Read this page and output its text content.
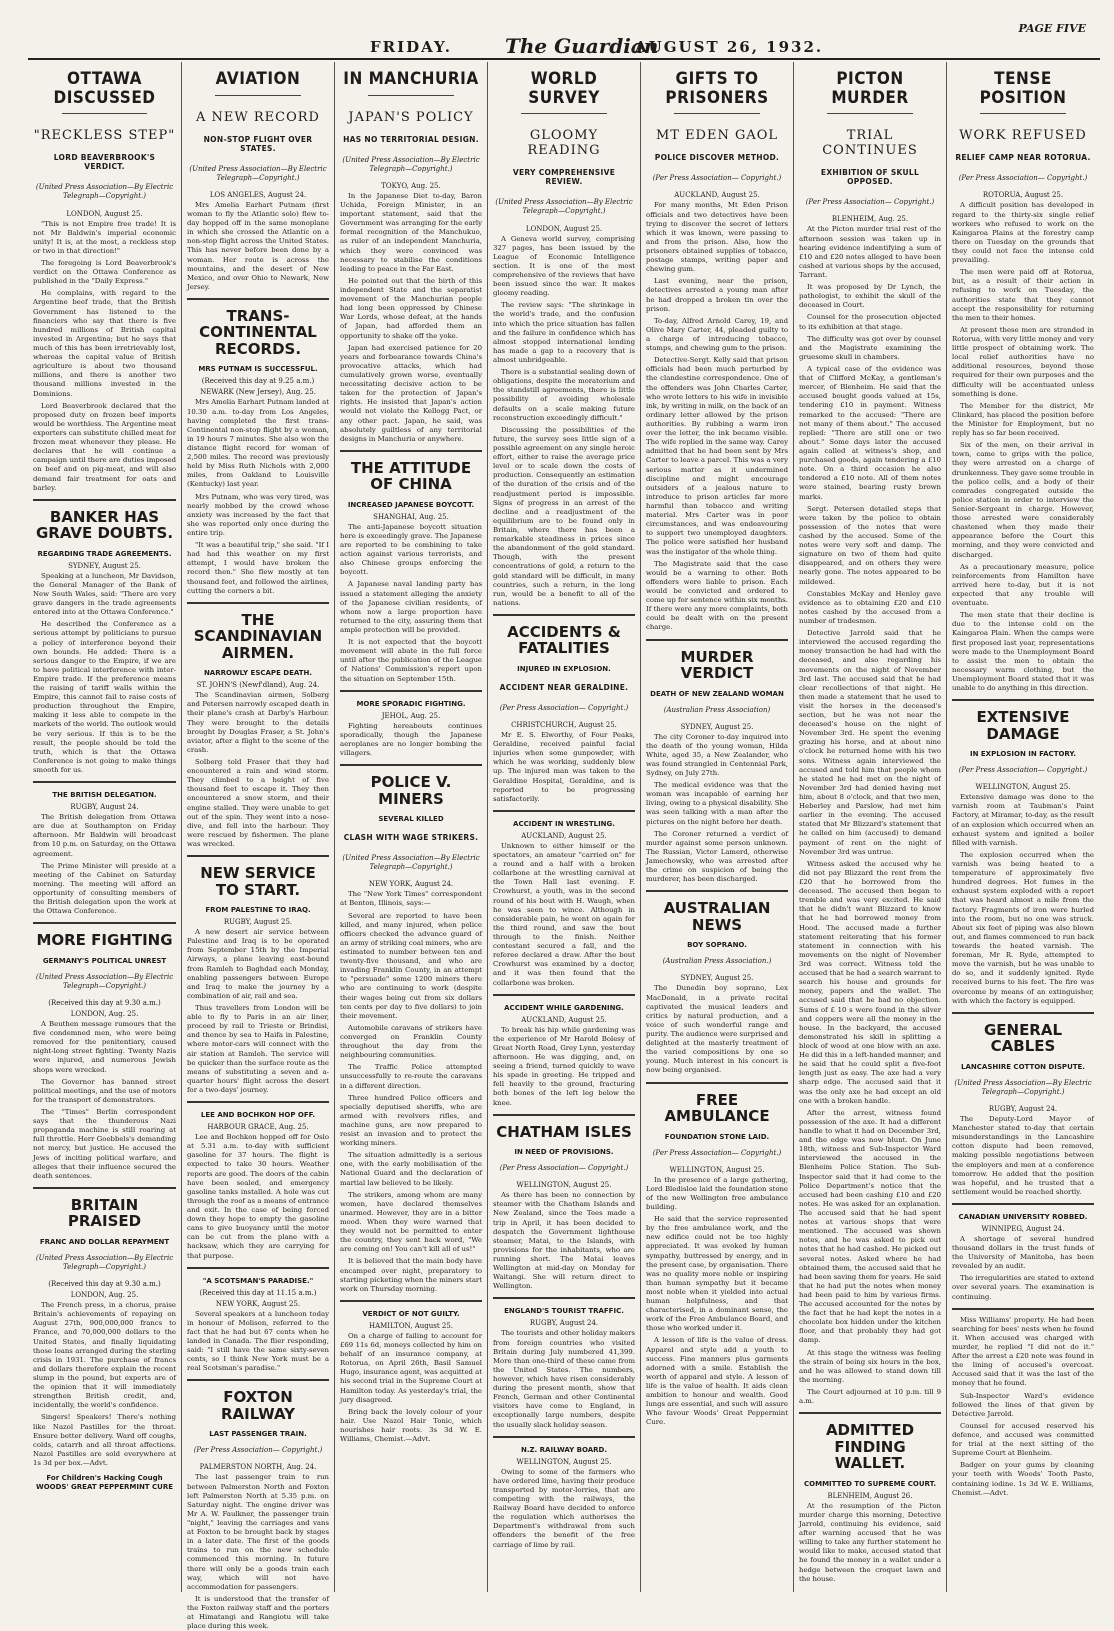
FRIDAY.	The Guardian
AUGUST 26, 1932.
PAGE FIVE
OTTAWA DISCUSSED
"RECKLESS STEP"
LORD BEAVERBROOK'S VERDICT.
(United Press Association—By Electric Telegraph—Copyright.)
LONDON, August 25.

"This is not Empire free trade! It is not Mr Baldwin's imperial economic unity! It is, at the most, a reckless step or two in that direction!"

The foregoing is Lord Beaverbrook's verdict on the Ottawa Conference as published in the "Daily Express."

He complains, with regard to the Argentine beef trade, that the British Government has listened to the financiers who say that there is five hundred millions of British capital invested in Argentina; but he says that much of this has been irretrievably lost, whereas the capital value of British agriculture is about two thousand millions, and there is another two thousand millions invested in the Dominions.

Lord Beaverbrook declared that the proposed duty on frozen beef imports would be worthless. The Argentine meat exporters can substitute chilled meat for frozen meat whenever they please. He declares that he will continue a campaign until there are duties imposed on beef and on pig-meat, and will also demand fair treatment for oats and barley.

BANKER HAS GRAVE DOUBTS.
REGARDING TRADE AGREEMENTS.
SYDNEY, August 25.

Speaking at a luncheon, Mr Davidson, the General Manager of the Bank of New South Wales, said: "There are very grave dangers in the trade agreements entered into at the Ottawa Conference."

He described the Conference as a serious attempt by politicians to pursue a policy of interference beyond their own bounds. He added: There is a serious danger to the Empire, if we are to have political interference with inter-Empire trade. If the preference means the raising of tariff walls within the Empire, this cannot fail to raise costs of production throughout the Empire, making it less able to compete in the markets of the world. The outlook would be very serious. If this is to be the result, the people should be told the truth, which is that the Ottawa Conference is not going to make things smooth for us.

THE BRITISH DELEGATION.
RUGBY, August 24.

The British delegation from Ottawa are due at Southampton on Friday afternoon. Mr Baldwin will broadcast from 10 p.m. on Saturday, on the Ottawa agreement.

The Prime Minister will preside at a meeting of the Cabinet on Saturday morning. The meeting will afford an opportunity of consulting members of the British delegation upon the work at the Ottawa Conference.

MORE FIGHTING
GERMANY'S POLITICAL UNREST
(United Press Association—By Electric Telegraph—Copyright.)
(Received this day at 9.30 a.m.)
LONDON, Aug. 25.

A Beuthen message rumours that the five condemned men, who were being removed for the penitentiary, caused night-long street fighting. Twenty Nazis were injured, and numerous Jewish shops were wrecked.

The Governor has banned street political meetings, and the use of motors for the transport of demonstrators.

The "Times" Berlin correspondent says that the thunderous Nazi propaganda machine is still roaring at full throttle. Herr Goebbels's demanding not mercy, but justice. He accused the Jews of inciting political warfare, and alleges that their influence secured the death sentences.

BRITAIN PRAISED
FRANC AND DOLLAR REPAYMENT
(United Press Association—By Electric Telegraph—Copyright.)
(Received this day at 9.30 a.m.)
LONDON, Aug. 25.

The French press, in a chorus, praise Britain's achievements of repaying on August 27th, 900,000,000 francs to France, and 70,000,000 dollars to the United States, and finally liquidating those loans arranged during the sterling crisis in 1931. The purchase of francs and dollars therefore explain the recent slump in the pound, but experts are of the opinion that it will immediately strengthen British credit, and, incidentally, the world's confidence.

Singers! Speakers! There's nothing like Nazol Pastilles for the throat. Ensure better delivery. Ward off coughs, colds, catarrh and all throat affections. Nazol Pastilles are sold everywhere at 1s 3d per box.—Advt.

For Children's Hacking Cough WOODS' GREAT PEPPERMINT CURE
AVIATION
A NEW RECORD
NON-STOP FLIGHT OVER STATES.
(United Press Association—By Electric Telegraph—Copyright.)
LOS ANGELES, August 24.

Mrs Amelia Earhart Putnam (first woman to fly the Atlantic solo) flew to-day hopped off in the same monoplane in which she crossed the Atlantic on a non-stop flight across the United States. This has never before been done by a woman. Her route is across the mountains, and the desert of New Mexico, and over Ohio to Newark, New Jersey.

TRANS-CONTINENTAL RECORDS.
MRS PUTNAM IS SUCCESSFUL.
(Received this day at 9.25 a.m.)
NEWARK (New Jersey), Aug. 25.

Mrs Amelia Earhart Putnam landed at 10.30 a.m. to-day from Los Angeles, having completed the first trans-Continental non-stop flight by a woman, in 19 hours 7 minutes. She also won the distance flight record for woman of 2,500 miles. The record was previously held by Miss Ruth Nichols with 2,000 miles, from Oakland to Louisville (Kentucky) last year.

Mrs Putnam, who was very tired, was nearly mobbed by the crowd whose anxiety was increased by the fact that she was reported only once during the entire trip.

"It was a beautiful trip," she said. "If I had had this weather on my first attempt, I would have broken the record then." She flew mostly at ten thousand feet, and followed the airlines, cutting the corners a bit.

THE SCANDINAVIAN AIRMEN.
NARROWLY ESCAPE DEATH.
ST. JOHN'S (Newf'dland), Aug. 24.

The Scandinavian airmen, Solberg and Petersen narrowly escaped death in their plane's crash at Darby's Harbour. They were brought to the details brought by Douglas Fraser, a St. John's aviator, after a flight to the scene of the crash.

Solberg told Fraser that they had encountered a rain and wind storm. They climbed to a height of five thousand feet to escape it. They then encountered a snow storm, and their engine stalled. They were unable to get out of the spin. They went into a nose-dive, and fell into the harbour. They were rescued by fishermen. The plane was wrecked.

NEW SERVICE TO START.
FROM PALESTINE TO IRAQ.
RUGBY, August 25.

A new desert air service between Palestine and Iraq is to be operated from September 15th by the Imperial Airways, a plane leaving east-bound from Ramleh to Baghdad each Monday, enabling passengers between Europe and Iraq to make the journey by a combination of air, rail and sea.

Thus travellers from London will be able to fly to Paris in an air liner, proceed by rail to Trieste or Brindisi, and thence by sea to Haifa in Palestine, where motor-cars will connect with the air station at Ramleh. The service will be quicker than the surface route as the means of substituting a seven and a-quarter hours' flight across the desert for a two-days' journey.

LEE AND BOCHKON HOP OFF.
HARBOUR GRACE, Aug. 25.

Lee and Bochkon hopped off for Oslo at 5.31 a.m. to-day with sufficient gasoline for 37 hours. The flight is expected to take 30 hours. Weather reports are good. The doors of the cabin have been sealed, and emergency gasoline tanks installed. A hole was cut through the roof as a means of entrance and exit. In the case of being forced down they hope to empty the gasoline cans to give buoyancy until the motor can be cut from the plane with a hacksaw, which they are carrying for that purpose.

"A SCOTSMAN'S PARADISE."
(Received this day at 11.15 a.m.)
NEW YORK, August 25.

Several speakers at a luncheon today in honour of Molison, referred to the fact that he had but 67 cents when he landed in Canada. The flier responding, said: "I still have the same sixty-seven cents, so I think New York must be a real Scotsman's paradise."

FOXTON RAILWAY
LAST PASSENGER TRAIN.
(Per Press Association— Copyright.)
PALMERSTON NORTH, Aug. 24.

The last passenger train to run between Palmerston North and Foxton left Palmerston North at 5.35 p.m. on Saturday night. The engine driver was Mr A. W. Faulkner, the passenger train "night," leaving the carriages and vans at Foxton to be brought back by stages in a later date. The first of the goods trains to run on the new schedule commenced this morning. In future there will only be a goods train each way, which will not have accommodation for passengers.

It is understood that the transfer of the Foxton railway staff and the porters at Himatangi and Rangiotu will take place during this week.

IN MANCHURIA
JAPAN'S POLICY
HAS NO TERRITORIAL DESIGN.
(United Press Association—By Electric Telegraph—Copyright.)
TOKYO, Aug. 25.

In the Japanese Diet to-day, Baron Uchida, Foreign Minister, in an important statement, said that the Government was arranging for the early formal recognition of the Manchukuo, as ruler of an independent Manchuria, which they were convinced was necessary to stabilise the conditions leading to peace in the Far East.

He pointed out that the birth of this independent State and the separatist movement of the Manchurian people had long been oppressed by Chinese War Lords, whose defeat, at the hands of Japan, had afforded them an opportunity to shake off the yoke.

Japan had exercised patience for 20 years and forbearance towards China's provocative attacks, which had cumulatively grown worse, eventually necessitating decisive action to be taken for the protection of Japan's rights. He insisted that Japan's action would not violate the Kellogg Pact, or any other pact. Japan, he said, was absolutely guiltless of any territorial designs in Manchuria or anywhere.

THE ATTITUDE OF CHINA
INCREASED JAPANESE BOYCOTT.
SHANGHAI, Aug. 25.

The anti-Japanese boycott situation here is exceedingly grave. The Japanese are reported to be combining to take action against various terrorists, and also Chinese groups enforcing the boycott.

A Japanese naval landing party has issued a statement alleging the anxiety of the Japanese civilian residents, of whom now a large proportion have returned to the city, assuring them that ample protection will be provided.

It is not expected that the boycott movement will abate in the full force until after the publication of the League of Nations' Commission's report upon the situation on September 15th.

MORE SPORADIC FIGHTING.
JEHOL, Aug. 25.

Fighting hereabouts continues sporadically, though the Japanese aeroplanes are no longer bombing the villagers.

POLICE V. MINERS
SEVERAL KILLED
CLASH WITH WAGE STRIKERS.
(United Press Association—By Electric Telegraph—Copyright.)
NEW YORK, August 24.

The "New York Times" correspondent at Benton, Illinois, says:—

Several are reported to have been killed, and many injured, when police officers checked the advance guard of an army of striking coal miners, who are estimated to number between ten and twenty-five thousand, and who are invading Franklin County, in an attempt to "persuade" some 1200 miners there who are continuing to work (despite their wages being cut from six dollars ten cents per day to five dollars) to join their movement.

Automobile caravans of strikers have converged on Franklin County throughout the day from the neighbouring communities.

The Traffic Police attempted unsuccessfully to re-route the caravans in a different direction.

Three hundred Police officers and specially deputised sheriffs, who are armed with revolvers rifles, and machine guns, are now prepared to resist an invasion and to protect the working miners.

The situation admittedly is a serious one, with the early mobilisation of the National Guard and the declaration of martial law believed to be likely.

The strikers, among whom are many women, have declared themselves unarmed. However, they are in a bitter mood. When they were warned that they would not be permitted to enter the country, they sent back word, "We are coming on! You can't kill all of us!"

It is believed that the main body have encamped over night, preparatory to starting picketing when the miners start work on Thursday morning.

VERDICT OF NOT GUILTY.
HAMILTON, August 25.

On a charge of failing to account for £69 11s 6d, moneys collected by him on behalf of an insurance company, at Rotorua, on April 26th, Basil Samuel Hugo, insurance agent, was acquitted at his second trial in the Supreme Court at Hamilton today. As yesterday's trial, the jury disagreed.

Bring back the lovely colour of your hair. Use Nazol Hair Tonic, which nourishes hair roots. 3s 3d W. E. Williams, Chemist.—Advt.

WORLD SURVEY
GLOOMY READING
VERY COMPREHENSIVE REVIEW.
(United Press Association—By Electric Telegraph—Copyright.)
LONDON, August 25.

A Geneva world survey, comprising 327 pages, has been issued by the League of Economic Intelligence section. It is one of the most comprehensive of the reviews that have been issued since the war. It makes gloomy reading.

The review says: "The shrinkage in the world's trade, and the confusion into which the price situation has fallen and the failure in confidence which has almost stopped international lending has made a gap to a recovery that is almost unbridgeable.

There is a substantial sealing down of obligations, despite the moratorium and the standstill agreements, there is little possibility of avoiding wholesale defaults on a scale making future reconstruction exceedingly difficult."

Discussing the possibilities of the future, the survey sees little sign of a possible agreement on any single heroic effort, either to raise the average price level or to scale down the costs of production. Consequently an estimation of the duration of the crisis and of the readjustment period is impossible. Signs of progress in an arrest of the decline and a readjustment of the equilibrium are to be found only in Britain, where there has been a remarkable steadiness in prices since the abandonment of the gold standard. Though, with the present concentrations of gold, a return to the gold standard will be difficult, in many countries, such a return, in the long run, would be a benefit to all of the nations.

ACCIDENTS & FATALITIES
INJURED IN EXPLOSION.
ACCIDENT NEAR GERALDINE.
(Per Press Association— Copyright.)
CHRISTCHURCH, August 25.

Mr E. S. Elworthy, of Four Peaks, Geraldine, received painful facial injuries when some gunpowder, with which he was working, suddenly blew up. The injured man was taken to the Geraldine Hospital, Geraldine, and is reported to be progressing satisfactorily.

ACCIDENT IN WRESTLING.
AUCKLAND, August 25.

Unknown to either himself or the spectators, an amateur "carried on" for a round and a half with a broken collarbone at the wrestling carnival at the Town Hall last evening. F. Crowhurst, a youth, was in the second round of his bout with H. Waugh, when he was seen to wince. Although in considerable pain, he went on again for the third round, and saw the bout through to the finish. Neither contestant secured a fall, and the referee declared a draw. After the bout Crowhurst was examined by a doctor, and it was then found that the collarbone was broken.

ACCIDENT WHILE GARDENING.
AUCKLAND, August 25.

To break his hip while gardening was the experience of Mr Harold Bolesy of Great North Road, Grey Lynn, yesterday afternoon. He was digging, and, on seeing a friend, turned quickly to wave his spade in greeting. He tripped and fell heavily to the ground, fracturing both bones of the left leg below the knee.

CHATHAM ISLES
IN NEED OF PROVISIONS.
(Per Press Association— Copyright.)
WELLINGTON, August 25.

As there has been no connection by steamer with the Chatham Islands and New Zealand, since the Tees made a trip in April, it has been decided to despatch the Government lighthouse steamer, Matai, to the Islands, with provisions for the inhabitants, who are running short. The Matai leaves Wellington at mid-day on Monday for Waitangi. She will return direct to Wellington.

ENGLAND'S TOURIST TRAFFIC.
RUGBY, August 24.

The tourists and other holiday makers from foreign countries who visited Britain during July numbered 41,399. More than one-third of these came from the United States. The numbers, however, which have risen considerably during the present month, show that French, German and other Continental visitors have come to England, in exceptionally large numbers, despite the usually slack holiday season.

N.Z. RAILWAY BOARD.
WELLINGTON, August 25.

Owing to some of the farmers who have ordered lime, having their produce transported by motor-lorries, that are competing with the railways, the Railway Board have decided to enforce the regulation which authorises the Department's withdrawal from such offenders the benefit of the free carriage of lime by rail.

GIFTS TO PRISONERS
MT EDEN GAOL
POLICE DISCOVER METHOD.
(Per Press Association— Copyright.)
AUCKLAND, August 25.

For many months, Mt Eden Prison officials and two detectives have been trying to discover the secret of letters which it was known, were passing to and from the prison. Also, how the prisoners obtained supplies of tobacco, postage stamps, writing paper and chewing gum.

Last evening, near the prison, detectives arrested a young man after he had dropped a broken tin over the prison.

To-day, Alfred Arnold Carey, 19, and Olive Mary Carter, 44, pleaded guilty to a charge of introducing tobacco, stamps, and chewing gum to the prison.

Detective-Sergt. Kelly said that prison officials had been much perturbed by the clandestine correspondence. One of the offenders was John Charles Carter, who wrote letters to his wife in invisible ink, by writing in milk, on the back of an ordinary letter allowed by the prison authorities. By rubbing a warm iron over the letter, the ink became visible. The wife replied in the same way. Carey admitted that he had been sent by Mrs Carter to leave a parcel. This was a very serious matter as it undermined discipline and might encourage outsiders of a jealous nature to introduce to prison articles far more harmful than tobacco and writing material. Mrs Carter was in poor circumstances, and was endeavouring to support two unemployed daughters. The police were satisfied her husband was the instigator of the whole thing.

The Magistrate said that the case would be a warning to other. Both offenders were liable to prison. Each would be convicted and ordered to come up for sentence within six months. If there were any more complaints, both could be dealt with on the present charge.

MURDER VERDICT
DEATH OF NEW ZEALAND WOMAN
(Australian Press Association)
SYDNEY, August 25.

The city Coroner to-day inquired into the death of the young woman, Hilda White, aged 35, a New Zealander, who was found strangled in Centennial Park, Sydney, on July 27th.

The medical evidence was that the woman was incapable of earning her living, owing to a physical disability. She was seen talking with a man after the pictures on the night before her death.

The Coroner returned a verdict of murder against some person unknown. The Russian, Victor Lamerd, otherwise Jamechowsky, who was arrested after the crime on suspicion of being the murderer, has been discharged.

AUSTRALIAN NEWS
BOY SOPRANO.
(Australian Press Association.)
SYDNEY, August 25.

The Dunedin boy soprano, Lex MacDonald, in a private recital captivated the musical leaders and critics by natural production, and a voice of such wonderful range and purity. The audience were surprised and delighted at the masterly treatment of the varied compositions by one so young. Much interest in his concert is now being organised.

FREE AMBULANCE
FOUNDATION STONE LAID.
(Per Press Association— Copyright.)
WELLINGTON, August 25.

In the presence of a large gathering, Lord Bledisloe laid the foundation stone of the new Wellington free ambulance building.

He said that the service represented by the free ambulance work, and the new edifice could not be too highly appreciated. It was evoked by human sympathy, buttressed by energy, and in the present case, by organisation. There was no quality more noble or inspiring than human sympathy but it became most noble when it yielded into actual human helpfulness, and that characterised, in a dominant sense, the work of the Free Ambulance Board, and those who worked under it.

A lesson of life is the value of dress. Apparel and style add a youth to success. Fine manners plus garments adorned with a smile. Establish the worth of apparel and style. A lesson of life is the value of health. It aids clean ambition to honour and wealth. Good lungs are essential, and such will assure Who favour Woods' Great Peppermint Cure.

PICTON MURDER
TRIAL CONTINUES
EXHIBITION OF SKULL OPPOSED.
(Per Press Association— Copyright.)
BLENHEIM, Aug. 25.

At the Picton murder trial rest of the afternoon session was taken up in hearing evidence indentifying a sum of £10 and £20 notes alleged to have been cashed at various shops by the accused, Tarrant.

It was proposed by Dr Lynch, the pathologist, to exhibit the skull of the deceased in Court.

Counsel for the prosecution objected to its exhibition at that stage.

The difficulty was got over by counsel and the Magistrate examining the gruesome skull in chambers.

A typical case of the evidence was that of Clifford McKay, a gentleman's mercer, of Blenheim. He said that the accused bought goods valued at 15s, tendering £10 in payment. Witness remarked to the accused: "There are not many of them about." The accused replied: "There are still one or two about." Some days later the accused again called at witness's shop, and purchased goods, again tendering a £10 note. On a third occasion he also tendered a £10 note. All of them notes were stained, bearing rusty brown marks.

Sergt. Petersen detailed steps that were taken by the police to obtain possession of the notes that were cashed by the accused. Some of the notes were very soft and damp. The signature on two of them had quite disappeared, and on others they were nearly gone. The notes appeared to be mildewed.

Constables McKay and Henley gave evidence as to obtaining £20 and £10 notes cashed by the accused from a number of tradesmen.

Detective Jarrold said that he interviewed the accused regarding the money transaction he had had with the deceased, and also regarding his movements on the night of November 3rd last. The accused said that he had clear recollections of that night. He then made a statement that he used to visit the horses in the deceased's section, but he was not near the deceased's house on the night of November 3rd. He spent the evening grazing his horse, and at about nine o'clock he returned home with his two sons. Witness again interviewed the accused and told him that people whom he stated he had met on the night of November 3rd had denied having met him, about 8 o'clock, and that two men, Heberley and Parslow, had met him earlier in the evening. The accused stated that Mr Blizzard's statement that he called on him (accused) to demand payment of rent on the night of November 3rd was untrue.

Witness asked the accused why he did not pay Blizzard the rent from the £20 that he borrowed from the deceased. The accused then began to tremble and was very excited. He said that he didn't want Blizzard to know that he had borrowed money from Hood. The accused made a further statement reiterating that his former statement in connection with his movements on the night of November 3rd was correct. Witness told the accused that he had a search warrant to search his house and grounds for money, papers and the wallet. The accused said that he had no objection. Sums of £ 10 s were found in the silver and coppers were all the money in the house. In the backyard, the accused demonstrated his skill in splitting a block of wood at one blow with an axe. He did this in a left-handed manner, and he said that he could split a five-foot length just as easy. The axe had a very sharp edge. The accused said that it was the only axe he had except an old one with a broken handle.

After the arrest, witness found possession of the axe. It had a different handle to what it had on December 3rd, and the edge was now blunt. On June 18th, witness and Sub-Inspector Ward interviewed the accused in the Blenheim Police Station. The Sub-Inspector said that it had come to the Police Department's notice that the accused had been cashing £10 and £20 notes. He was asked for an explanation. The accused said that he had spent notes at various shops that were mentioned. The accused was shown notes, and he was asked to pick out notes that he had cashed. He picked out several notes. Asked where he had obtained them, the accused said that he had been saving them for years. He said that he had put the notes when money had been paid to him by various firms. The accused accounted for the notes by the fact that he had kept the notes in a chocolate box hidden under the kitchen floor, and that probably they had got damp.

At this stage the witness was feeling the strain of being six hours in the box, and he was allowed to stand down till the morning.

The Court adjourned at 10 p.m. till 9 a.m.

ADMITTED FINDING WALLET.
COMMITTED TO SUPREME COURT.
BLENHEIM, August 26.

At the resumption of the Picton murder charge this morning, Detective Jarrold, continuing his evidence, said after warning accused that he was willing to take any further statement he would like to make, accused stated that he found the money in a wallet under a hedge between the croquet lawn and the house.

TENSE POSITION
WORK REFUSED
RELIEF CAMP NEAR ROTORUA.
(Per Press Association— Copyright.)
ROTORUA, August 25.

A difficult position has developed in regard to the thirty-six single relief workers who refused to work on the Kaingaroa Plains at the forestry camp there on Tuesday on the grounds that they could not face the intense cold prevailing.

The men were paid off at Rotorua, but, as a result of their action in refusing to work on Tuesday, the authorities state that they cannot accept the responsibility for returning the men to their homes.

At present these men are stranded in Rotorua, with very little money and very little prospect of obtaining work. The local relief authorities have no additional resources, beyond those required for their own purposes and the difficulty will be accentuated unless something is done.

The Member for the district, Mr Clinkard, has placed the position before the Minister for Employment, but no reply has so far been received.

Six of the men, on their arrival in town, came to grips with the police, they were arrested on a charge of drunkenness. They gave some trouble in the police cells, and a body of their comrades congregated outside the police station in order to interview the Senior-Sergeant in charge. However, those arrested were considerably chastened when they made their appearance before the Court this morning, and they were convicted and discharged.

As a precautionary measure, police reinforcements from Hamilton have arrived here to-day, but it is not expected that any trouble will eventuate.

The men state that their decline is due to the intense cold on the Kaingaroa Plain. When the camps were first proposed last year, representations were made to the Unemployment Board to assist the men to obtain the necessary warm clothing, but the Unemployment Board stated that it was unable to do anything in this direction.

EXTENSIVE DAMAGE
IN EXPLOSION IN FACTORY.
(Per Press Association— Copyright.)
WELLINGTON, August 25.

Extensive damage was done to the varnish room at Taubman's Paint Factory, at Miramar, to-day, as the result of an explosion which occurred when an exhaust system and ignited a boiler filled with varnish.

The explosion occurred when the varnish was being heated to a temperature of approximately five hundred degrees. Hot fumes in the exhaust system exploded with a report that was heard almost a mile from the factory. Fragments of iron were hurled into the room, but no one was struck. About six feet of piping was also blown out, and flames commenced to run back towards the heated varnish. The foreman, Mr R. Ryde, attempted to move the varnish, but he was unable to do so, and it suddenly ignited. Ryde received burns to his feet. The fire was overcome by means of an extinguisher, with which the factory is equipped.

GENERAL CABLES
LANCASHIRE COTTON DISPUTE.
(United Press Association—By Electric Telegraph—Copyright.)
RUGBY, August 24.

The Deputy-Lord Mayor of Manchester stated to-day that certain misunderstandings in the Lancashire cotton dispute had been removed, making possible negotiations between the employers and men at a conference tomorrow. He added that the position was hopeful, and he trusted that a settlement would be reached shortly.

CANADIAN UNIVERSITY ROBBED.
WINNIPEG, August 24.

A shortage of several hundred thousand dollars in the trust funds of the University of Manitoba, has been revealed by an audit.

The irregularities are stated to extend over several years. The examination is continuing.

Miss Williams' property. He had been searching for bees' nests when he found it. When accused was charged with murder, he replied "I did not do it." After the arrest a £20 note was found in the lining of accused's overcoat. Accused said that it was the last of the money that he found.

Sub-Inspector Ward's evidence followed the lines of that given by Detective Jarrold.

Counsel for accused reserved his defence, and accused was committed for trial at the next sitting of the Supreme Court at Blenheim.

Badger on your gums by cleaning your teeth with Woods' Tooth Paste, containing iodine. 1s 3d W. E. Williams, Chemist.—Advt.
